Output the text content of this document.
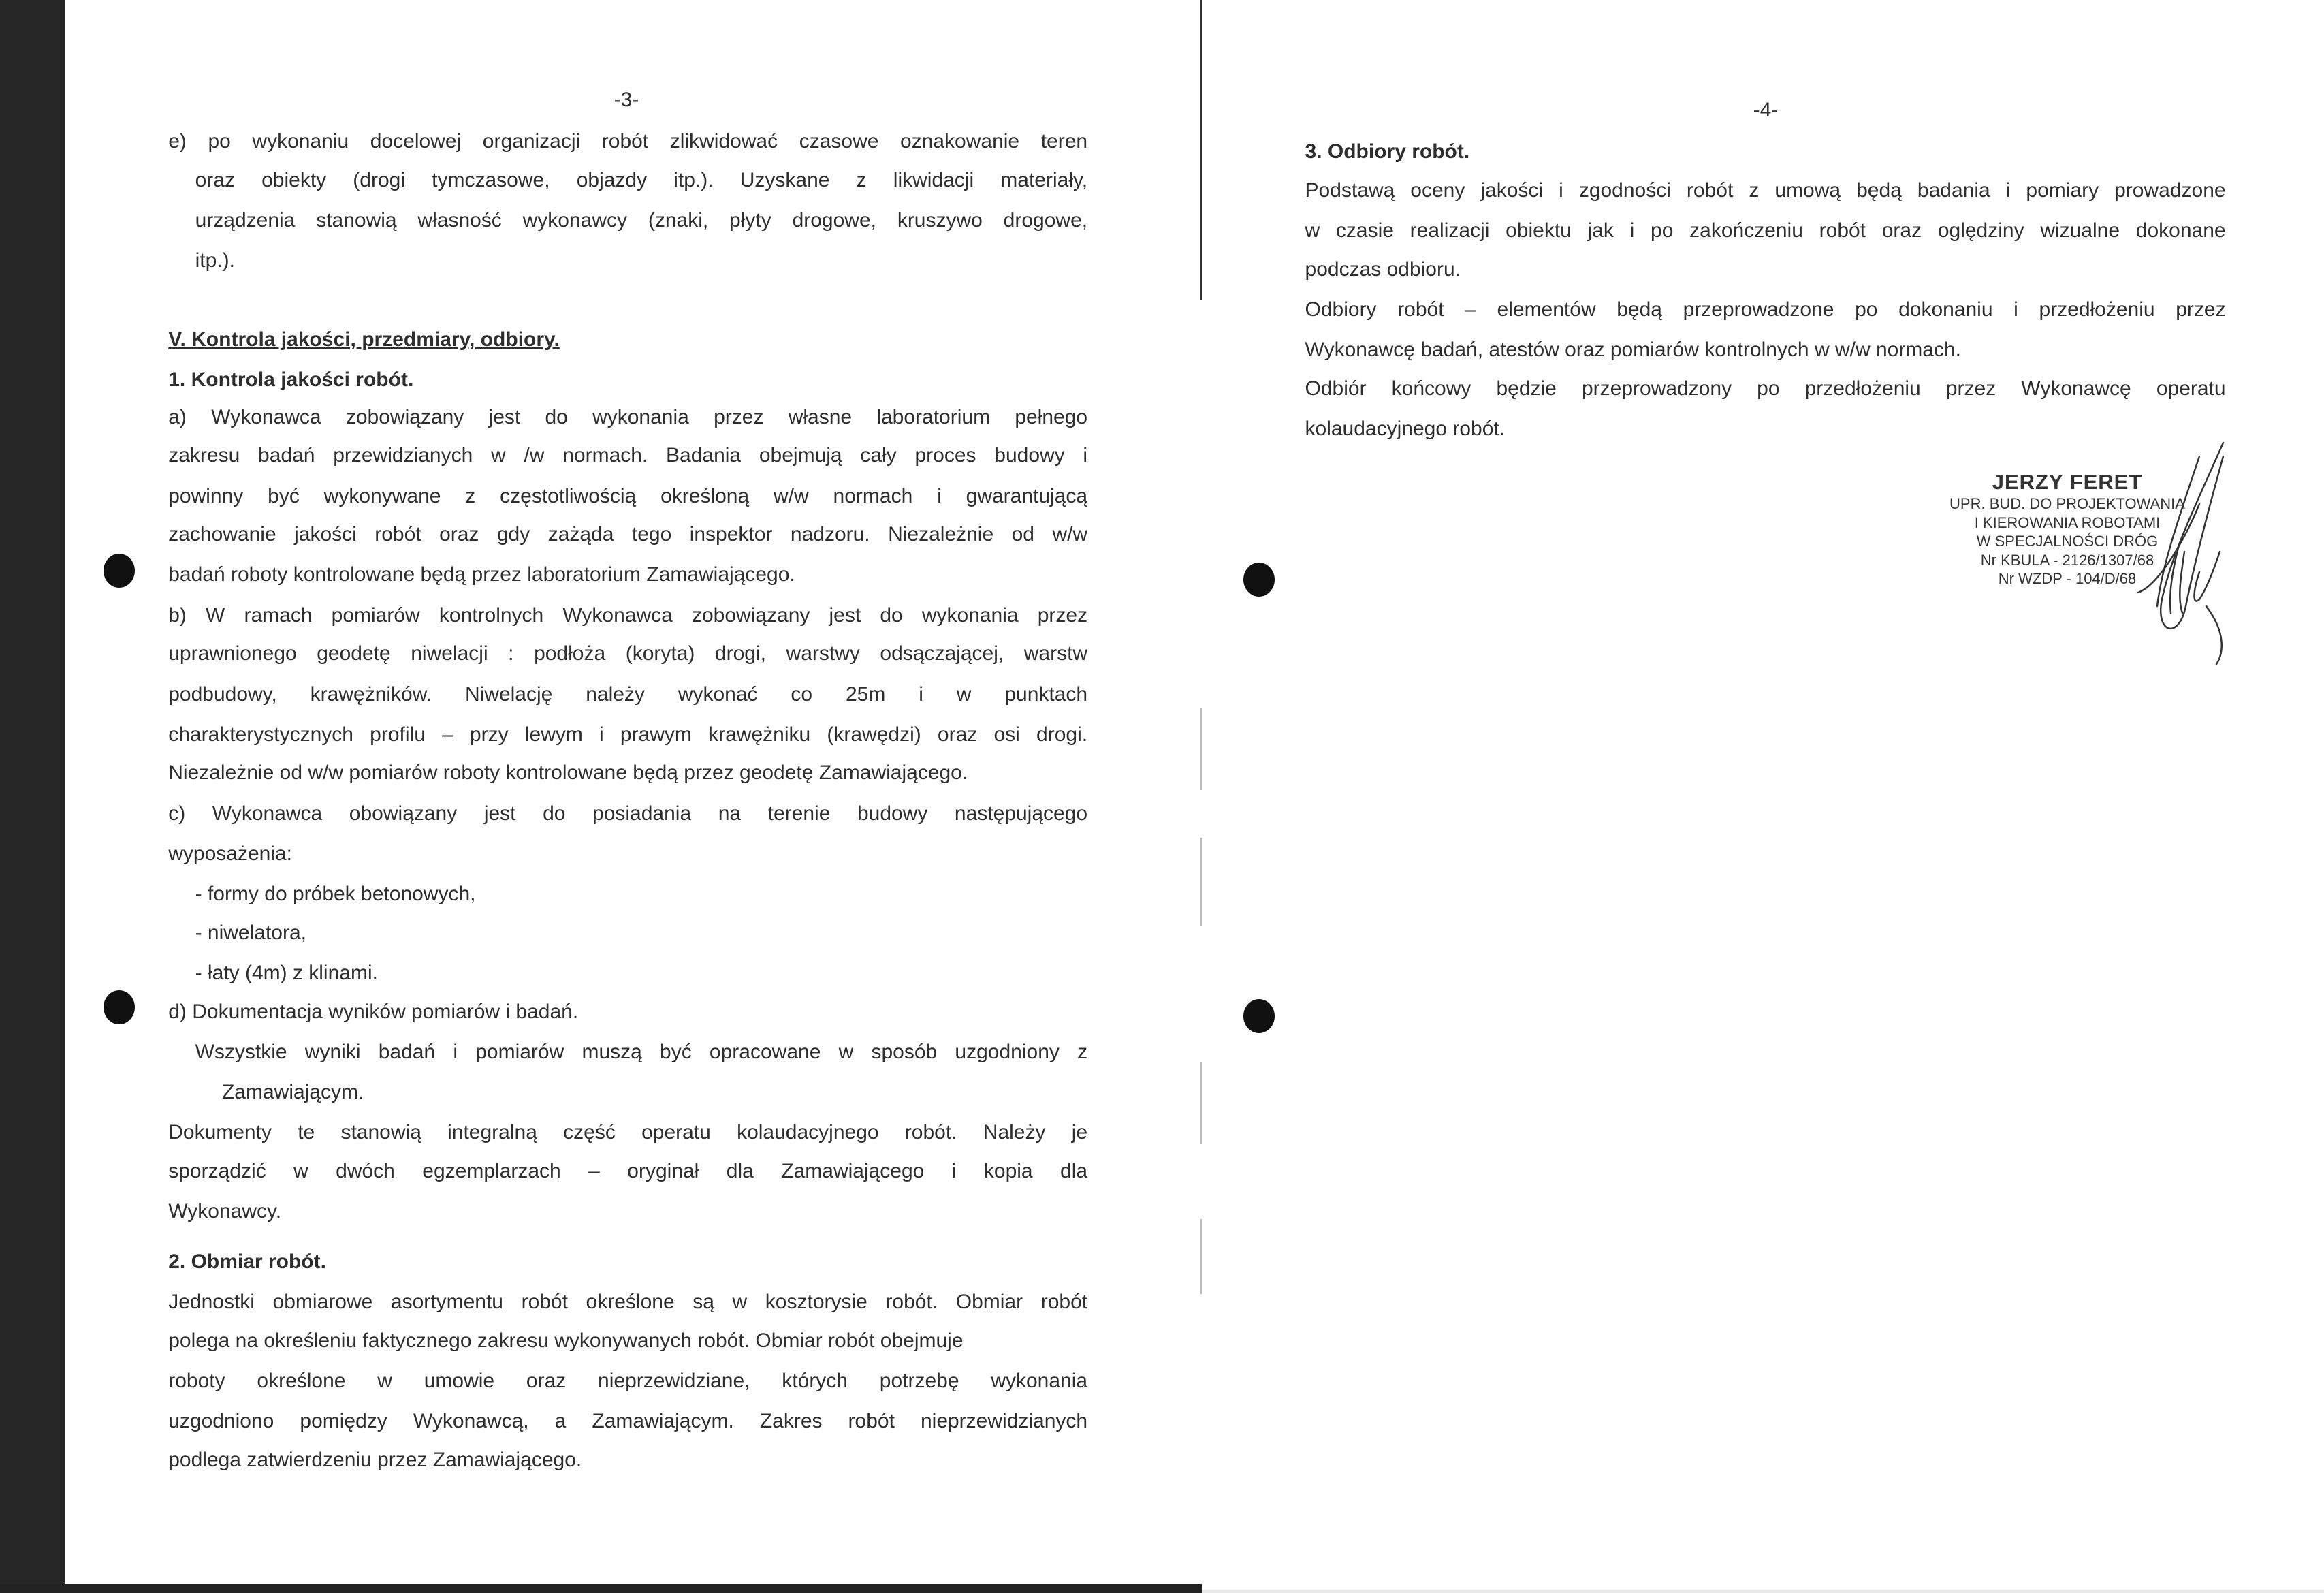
-3-	-4-
e) po wykonaniu docelowej organizacji robót zlikwidować czasowe oznakowanie teren
oraz obiekty (drogi tymczasowe, objazdy itp.). Uzyskane z likwidacji materiały,
urządzenia stanowią własność wykonawcy (znaki, płyty drogowe, kruszywo drogowe,
itp.).
V. Kontrola jakości, przedmiary, odbiory.
1. Kontrola jakości robót.
a) Wykonawca zobowiązany jest do wykonania przez własne laboratorium pełnego
zakresu badań przewidzianych w /w normach. Badania obejmują cały proces budowy i
powinny być wykonywane z częstotliwością określoną w/w normach i gwarantującą
zachowanie jakości robót oraz gdy zażąda tego inspektor nadzoru. Niezależnie od w/w
badań roboty kontrolowane będą przez laboratorium Zamawiającego.
b) W ramach pomiarów kontrolnych Wykonawca zobowiązany jest do wykonania przez
uprawnionego geodetę niwelacji : podłoża (koryta) drogi, warstwy odsączającej, warstw
podbudowy, krawężników. Niwelację należy wykonać co 25m i w punktach
charakterystycznych profilu – przy lewym i prawym krawężniku (krawędzi) oraz osi drogi.
Niezależnie od w/w pomiarów roboty kontrolowane będą przez geodetę Zamawiającego.
c) Wykonawca obowiązany jest do posiadania na terenie budowy następującego
wyposażenia:
- formy do próbek betonowych,
- niwelatora,
- łaty (4m) z klinami.
d) Dokumentacja wyników pomiarów i badań.
Wszystkie wyniki badań i pomiarów muszą być opracowane w sposób uzgodniony z
Zamawiającym.
Dokumenty te stanowią integralną część operatu kolaudacyjnego robót. Należy je
sporządzić w dwóch egzemplarzach – oryginał dla Zamawiającego i kopia dla
Wykonawcy.
2. Obmiar robót.
Jednostki obmiarowe asortymentu robót określone są w kosztorysie robót. Obmiar robót
polega na określeniu faktycznego zakresu wykonywanych robót. Obmiar robót obejmuje
roboty określone w umowie oraz nieprzewidziane, których potrzebę wykonania
uzgodniono pomiędzy Wykonawcą, a Zamawiającym. Zakres robót nieprzewidzianych
podlega zatwierdzeniu przez Zamawiającego.
3. Odbiory robót.
Podstawą oceny jakości i zgodności robót z umową będą badania i pomiary prowadzone
w czasie realizacji obiektu jak i po zakończeniu robót oraz oględziny wizualne dokonane
podczas odbioru.
Odbiory robót – elementów będą przeprowadzone po dokonaniu i przedłożeniu przez
Wykonawcę badań, atestów oraz pomiarów kontrolnych w w/w normach.
Odbiór końcowy będzie przeprowadzony po przedłożeniu przez Wykonawcę operatu
kolaudacyjnego robót.
JERZY FERET
UPR. BUD. DO PROJEKTOWANIA
I KIEROWANIA ROBOTAMI
W SPECJALNOŚCI DRÓG
Nr KBULA - 2126/1307/68
Nr WZDP - 104/D/68
